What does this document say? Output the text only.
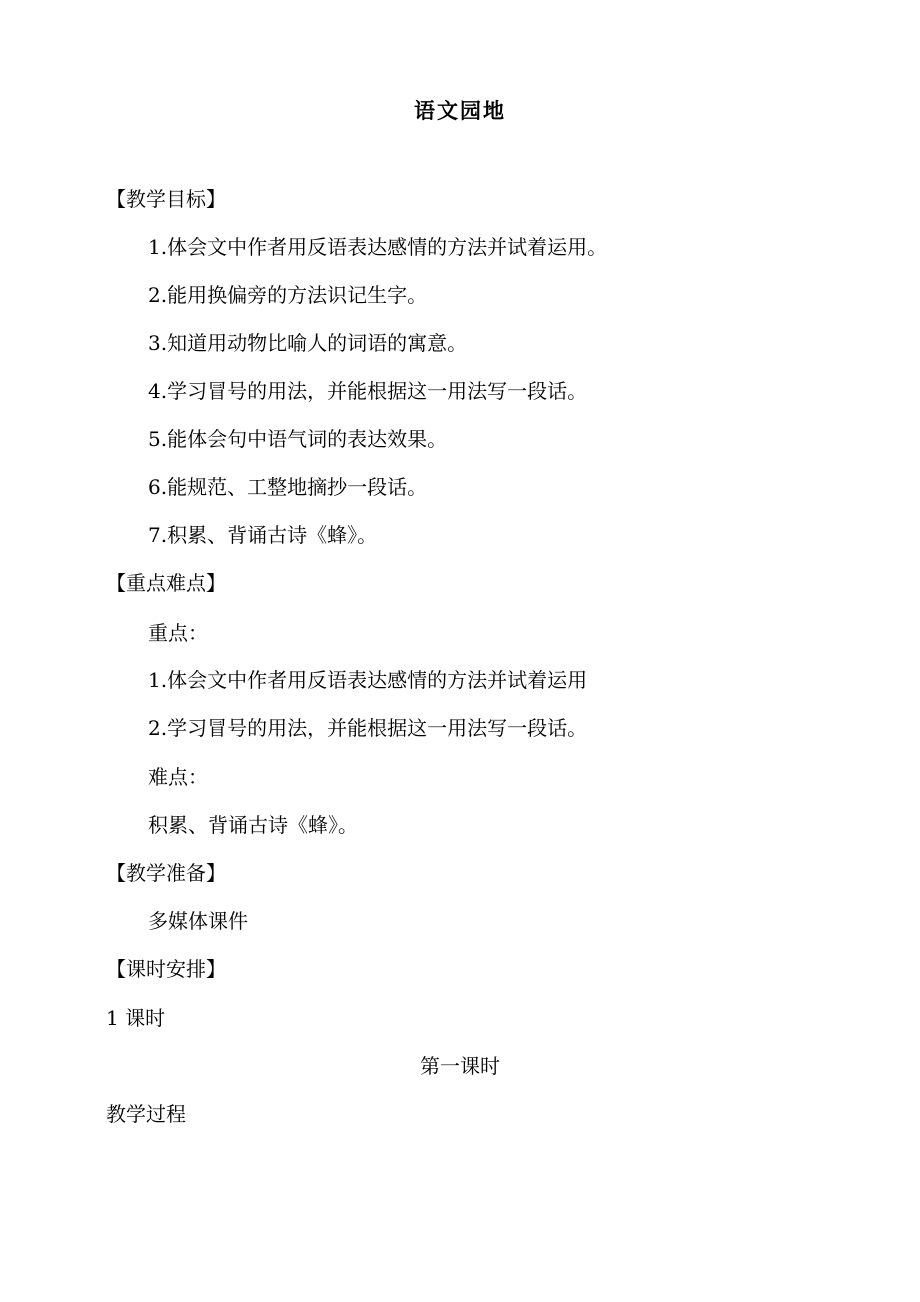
语文园地
【教学目标】
1.体会文中作者用反语表达感情的方法并试着运用。
2.能用换偏旁的方法识记生字。
3.知道用动物比喻人的词语的寓意。
4.学习冒号的用法，并能根据这一用法写一段话。
5.能体会句中语气词的表达效果。
6.能规范、工整地摘抄一段话。
7.积累、背诵古诗《蜂》。
【重点难点】
重点：
1.体会文中作者用反语表达感情的方法并试着运用
2.学习冒号的用法，并能根据这一用法写一段话。
难点：
积累、背诵古诗《蜂》。
【教学准备】
多媒体课件
【课时安排】
1 课时
第一课时
教学过程
